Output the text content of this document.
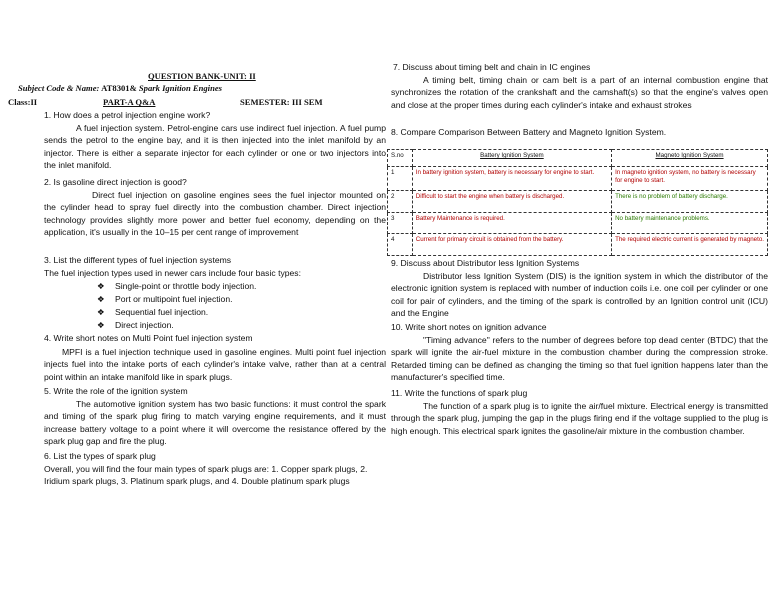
QUESTION BANK-UNIT: II
Subject Code & Name: AT8301& Spark Ignition Engines
Class:II	PART-A Q&A	SEMESTER: III SEM
1. How does a petrol injection engine work?
A fuel injection system. Petrol-engine cars use indirect fuel injection. A fuel pump sends the petrol to the engine bay, and it is then injected into the inlet manifold by an injector. There is either a separate injector for each cylinder or one or two injectors into the inlet manifold.
2. Is gasoline direct injection is good?
Direct fuel injection on gasoline engines sees the fuel injector mounted on the cylinder head to spray fuel directly into the combustion chamber. Direct injection technology provides slightly more power and better fuel economy, depending on the application, it's usually in the 10–15 per cent range of improvement
3. List the different types of fuel injection systems
The fuel injection types used in newer cars include four basic types:
❖ Single-point or throttle body injection.
❖ Port or multipoint fuel injection.
❖ Sequential fuel injection.
❖ Direct injection.
4. Write short notes on Multi Point fuel injection system
MPFI is a fuel injection technique used in gasoline engines. Multi point fuel injection injects fuel into the intake ports of each cylinder's intake valve, rather than at a central point within an intake manifold like in spark plugs.
5. Write the role of the ignition system
The automotive ignition system has two basic functions: it must control the spark and timing of the spark plug firing to match varying engine requirements, and it must increase battery voltage to a point where it will overcome the resistance offered by the spark plug gap and fire the plug.
6. List the types of spark plug
Overall, you will find the four main types of spark plugs are: 1. Copper spark plugs, 2. Iridium spark plugs, 3. Platinum spark plugs, and 4. Double platinum spark plugs
7. Discuss about timing belt and chain in IC engines
A timing belt, timing chain or cam belt is a part of an internal combustion engine that synchronizes the rotation of the crankshaft and the camshaft(s) so that the engine's valves open and close at the proper times during each cylinder's intake and exhaust strokes
8. Compare Comparison Between Battery and Magneto Ignition System.
S.no	Battery Ignition System	Magneto Ignition System
1	In battery ignition system, battery is necessary for engine to start.	In magneto ignition system, no battery is necessary for engine to start.
2	Difficult to start the engine when battery is discharged.	There is no problem of battery discharge.
3	Battery Maintenance is required.	No battery maintenance problems.
4	Current for primary circuit is obtained from the battery.	The required electric current is generated by magneto.
9. Discuss about Distributor less Ignition Systems
Distributor less Ignition System (DIS) is the ignition system in which the distributor of the electronic ignition system is replaced with number of induction coils i.e. one coil per cylinder or one coil for pair of cylinders, and the timing of the spark is controlled by an Ignition control unit (ICU) and the Engine
10. Write short notes on ignition advance
"Timing advance" refers to the number of degrees before top dead center (BTDC) that the spark will ignite the air-fuel mixture in the combustion chamber during the compression stroke. Retarded timing can be defined as changing the timing so that fuel ignition happens later than the manufacturer's specified time.
11. Write the functions of spark plug
The function of a spark plug is to ignite the air/fuel mixture. Electrical energy is transmitted through the spark plug, jumping the gap in the plugs firing end if the voltage supplied to the plug is high enough. This electrical spark ignites the gasoline/air mixture in the combustion chamber.
